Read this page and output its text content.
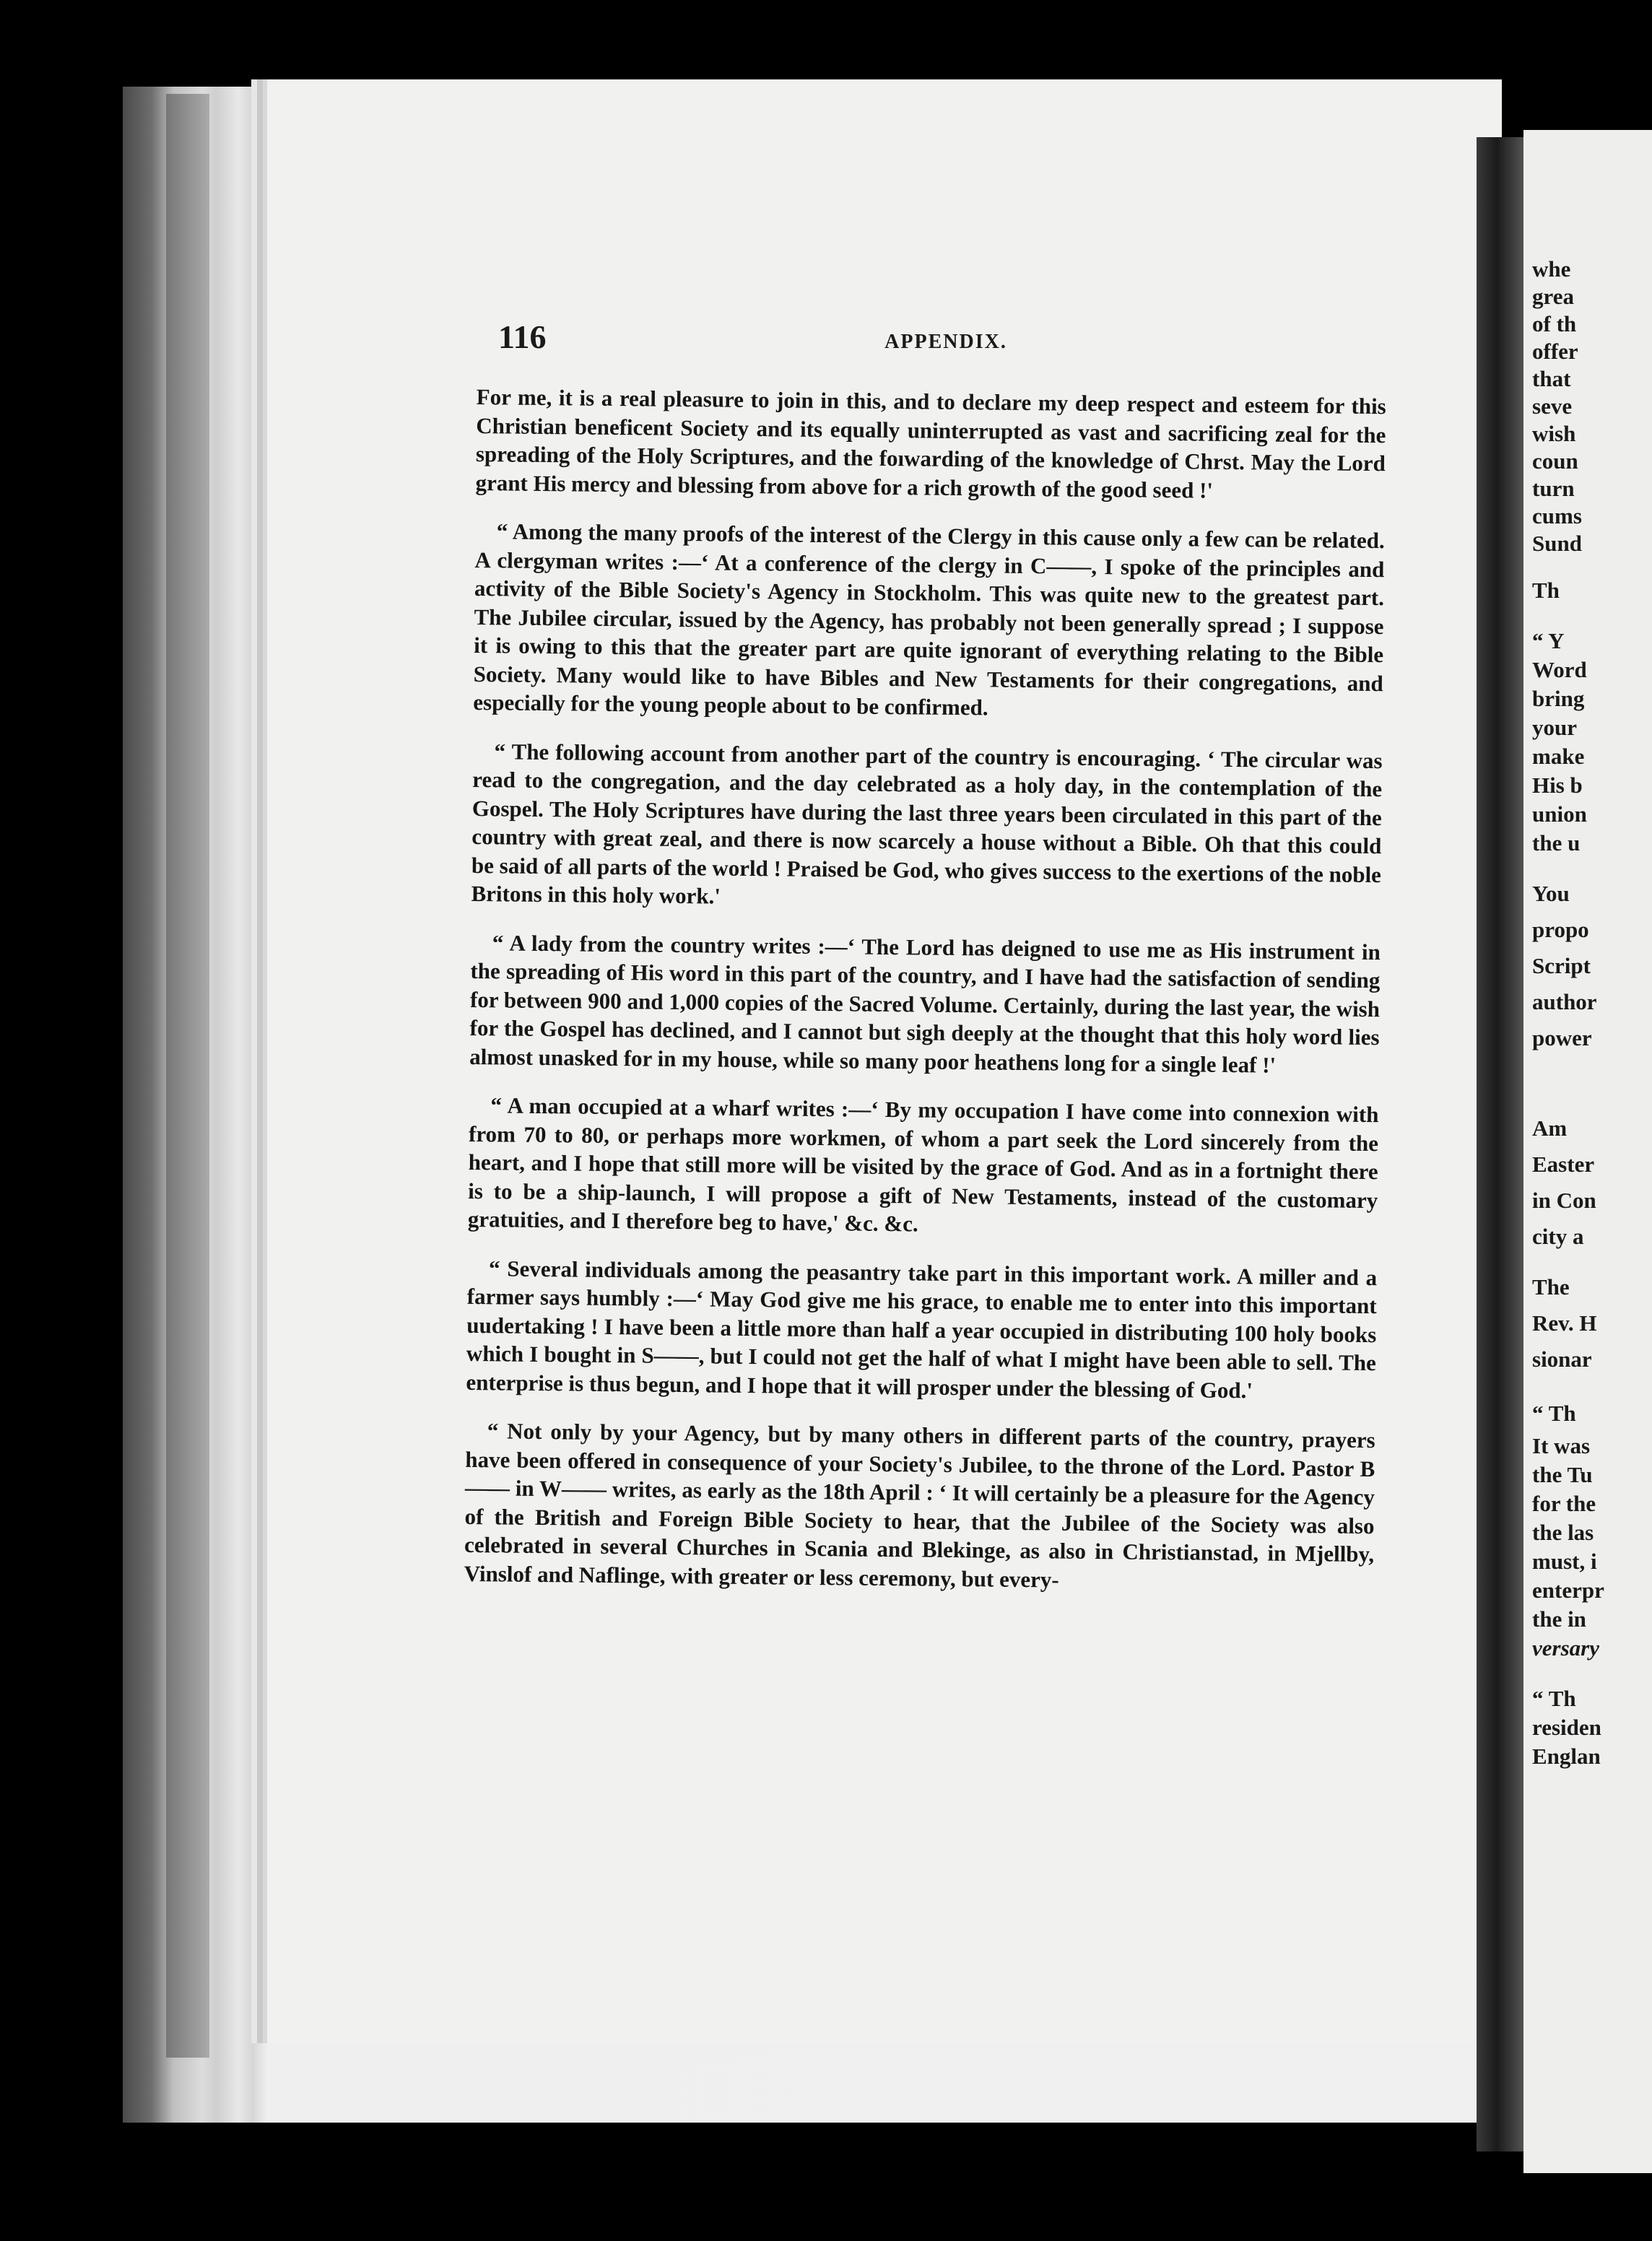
whe
grea
of th
offer
that
seve
wish
coun
turn
cums
Sund
Th
“ Y
Word
bring
your
make
His b
union
the u
You
propo
Script
author
power
Am
Easter
in Con
city a
The
Rev. H
sionar
“ Th
It was
the Tu
for the
the las
must, i
enterpr
the in
versary
“ Th
residen
Englan
116	APPENDIX.

For me, it is a real pleasure to join in this, and to declare my deep respect and esteem for this Christian beneficent Society and its equally uninterrupted as vast and sacrificing zeal for the spreading of the Holy Scriptures, and the foıwarding of the knowledge of Chrst. May the Lord grant His mercy and blessing from above for a rich growth of the good seed !'

“ Among the many proofs of the interest of the Clergy in this cause only a few can be related. A clergyman writes :—‘ At a conference of the clergy in C——, I spoke of the principles and activity of the Bible Society's Agency in Stockholm. This was quite new to the greatest part. The Jubilee circular, issued by the Agency, has probably not been generally spread ; I suppose it is owing to this that the greater part are quite ignorant of everything relating to the Bible Society. Many would like to have Bibles and New Testaments for their congregations, and especially for the young people about to be confirmed.

“ The following account from another part of the country is encouraging. ‘ The circular was read to the congregation, and the day celebrated as a holy day, in the contemplation of the Gospel. The Holy Scriptures have during the last three years been circulated in this part of the country with great zeal, and there is now scarcely a house without a Bible. Oh that this could be said of all parts of the world ! Praised be God, who gives success to the exertions of the noble Britons in this holy work.'

“ A lady from the country writes :—‘ The Lord has deigned to use me as His instrument in the spreading of His word in this part of the country, and I have had the satisfaction of sending for between 900 and 1,000 copies of the Sacred Volume. Certainly, during the last year, the wish for the Gospel has declined, and I cannot but sigh deeply at the thought that this holy word lies almost unasked for in my house, while so many poor heathens long for a single leaf !'

“ A man occupied at a wharf writes :—‘ By my occupation I have come into connexion with from 70 to 80, or perhaps more workmen, of whom a part seek the Lord sincerely from the heart, and I hope that still more will be visited by the grace of God. And as in a fortnight there is to be a ship-launch, I will propose a gift of New Testaments, instead of the customary gratuities, and I therefore beg to have,' &c. &c.

“ Several individuals among the peasantry take part in this important work. A miller and a farmer says humbly :—‘ May God give me his grace, to enable me to enter into this important uudertaking ! I have been a little more than half a year occupied in distributing 100 holy books which I bought in S——, but I could not get the half of what I might have been able to sell. The enterprise is thus begun, and I hope that it will prosper under the blessing of God.'

“ Not only by your Agency, but by many others in different parts of the country, prayers have been offered in consequence of your Society's Jubilee, to the throne of the Lord. Pastor B—— in W—— writes, as early as the 18th April : ‘ It will certainly be a pleasure for the Agency of the British and Foreign Bible Society to hear, that the Jubilee of the Society was also celebrated in several Churches in Scania and Blekinge, as also in Christianstad, in Mjellby, Vinslof and Naflinge, with greater or less ceremony, but every-
